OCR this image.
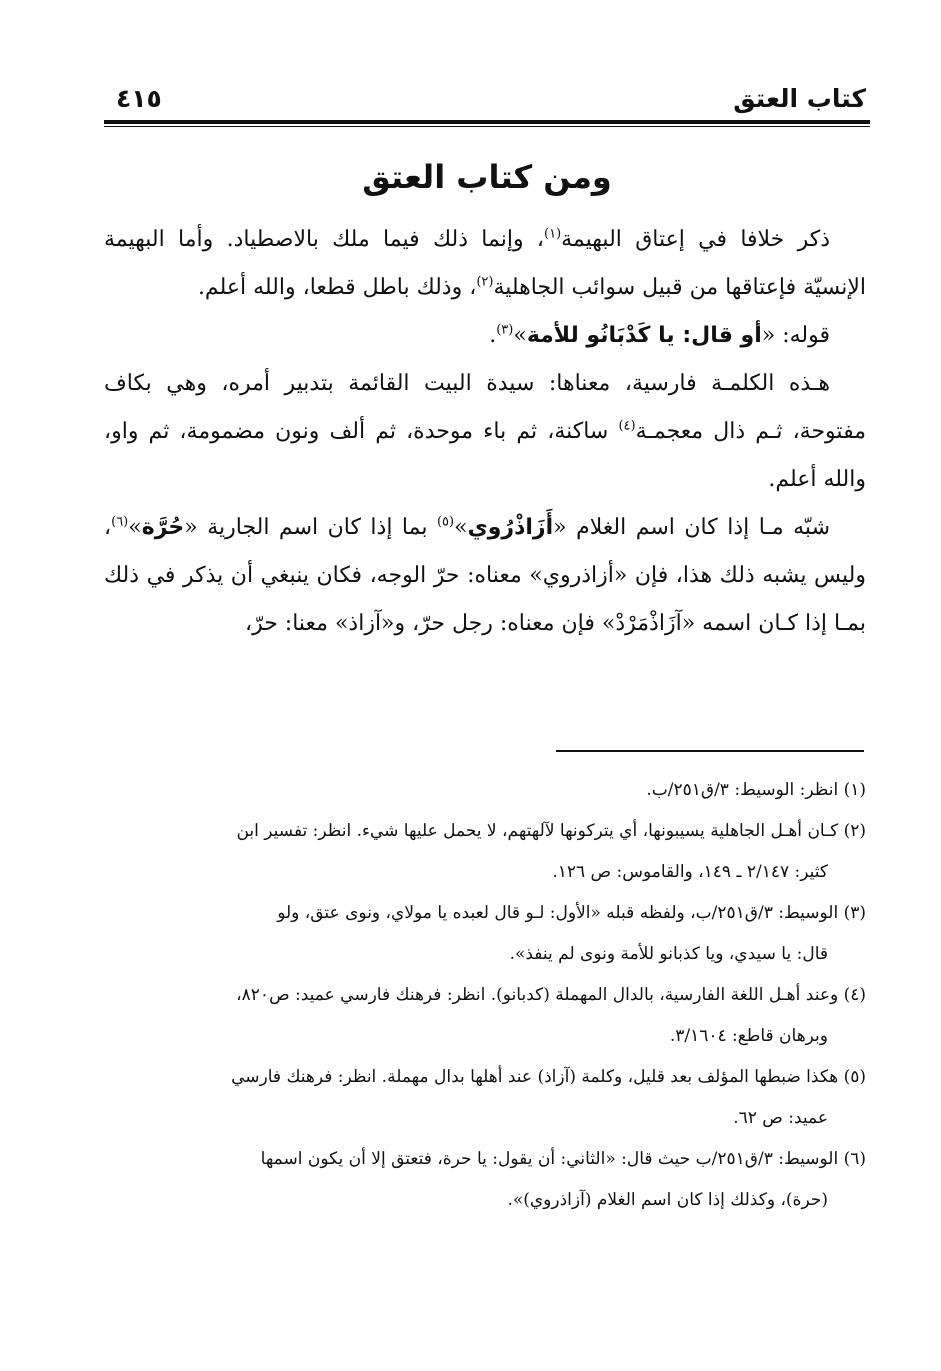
كتاب العتق
٤١٥
ومن كتاب العتق

ذكر خلافا في إعتاق البهيمة$^{(١)}$، وإنما ذلك فيما ملك بالاصطياد. وأما البهيمة الإنسيّة فإعتاقها من قبيل سوائب الجاهلية$^{(٢)}$، وذلك باطل قطعا، والله أعلم.

قوله: «أو قال: يا كَدْبَانُو للأمة»$^{(٣)}$.

هـذه الكلمـة فارسية، معناها: سيدة البيت القائمة بتدبير أمره، وهي بكاف مفتوحة، ثـم ذال معجمـة$^{(٤)}$ ساكنة، ثم باء موحدة، ثم ألف ونون مضمومة، ثم واو، والله أعلم.

شبّه مـا إذا كان اسم الغلام «أَزَاذْرُوي»$^{(٥)}$ بما إذا كان اسم الجارية «حُرَّة»$^{(٦)}$، وليس يشبه ذلك هذا، فإن «أزاذروي» معناه: حرّ الوجه، فكان ينبغي أن يذكر في ذلك بمـا إذا كـان اسمه «آزَاذْمَرْدْ» فإن معناه: رجل حرّ، و«آزاذ» معنا: حرّ،

(١) انظر: الوسيط: ٣/ق٢٥١/ب.

(٢) كـان أهـل الجاهلية يسيبونها، أي يتركونها لآلهتهم، لا يحمل عليها شيء. انظر: تفسير ابن

كثير: ٢/١٤٧ ـ ١٤٩، والقاموس: ص ١٢٦.

(٣) الوسيط: ٣/ق٢٥١/ب، ولفظه قبله «الأول: لـو قال لعبده يا مولاي، ونوى عتق، ولو

قال: يا سيدي، ويا كذبانو للأمة ونوى لم ينفذ».

(٤) وعند أهـل اللغة الفارسية، بالدال المهملة (كدبانو). انظر: فرهنك فارسي عميد: ص٨٢٠،

وبرهان قاطع: ٣/١٦٠٤.

(٥) هكذا ضبطها المؤلف بعد قليل، وكلمة (آزاذ) عند أهلها بدال مهملة. انظر: فرهنك فارسي

عميد: ص ٦٢.

(٦) الوسيط: ٣/ق٢٥١/ب حيث قال: «الثاني: أن يقول: يا حرة، فتعتق إلا أن يكون اسمها

(حرة)، وكذلك إذا كان اسم الغلام (آزاذروي)».
